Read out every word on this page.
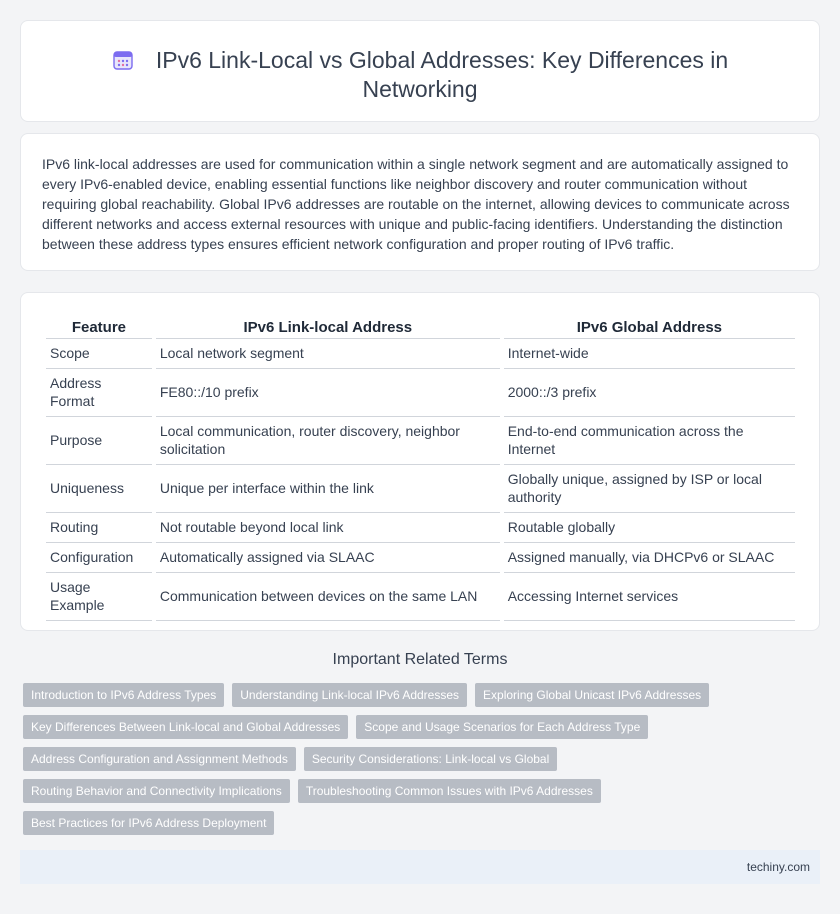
IPv6 Link-Local vs Global Addresses: Key Differences in Networking

IPv6 link-local addresses are used for communication within a single network segment and are automatically assigned to every IPv6-enabled device, enabling essential functions like neighbor discovery and router communication without requiring global reachability. Global IPv6 addresses are routable on the internet, allowing devices to communicate across different networks and access external resources with unique and public-facing identifiers. Understanding the distinction between these address types ensures efficient network configuration and proper routing of IPv6 traffic.

Feature	IPv6 Link-local Address	IPv6 Global Address
Scope	Local network segment	Internet-wide
Address Format	FE80::/10 prefix	2000::/3 prefix
Purpose	Local communication, router discovery, neighbor solicitation	End-to-end communication across the Internet
Uniqueness	Unique per interface within the link	Globally unique, assigned by ISP or local authority
Routing	Not routable beyond local link	Routable globally
Configuration	Automatically assigned via SLAAC	Assigned manually, via DHCPv6 or SLAAC
Usage Example	Communication between devices on the same LAN	Accessing Internet services
Important Related Terms
Introduction to IPv6 Address Types	Understanding Link-local IPv6 Addresses	Exploring Global Unicast IPv6 Addresses
Key Differences Between Link-local and Global Addresses	Scope and Usage Scenarios for Each Address Type
Address Configuration and Assignment Methods	Security Considerations: Link-local vs Global
Routing Behavior and Connectivity Implications	Troubleshooting Common Issues with IPv6 Addresses
Best Practices for IPv6 Address Deployment
techiny.com
